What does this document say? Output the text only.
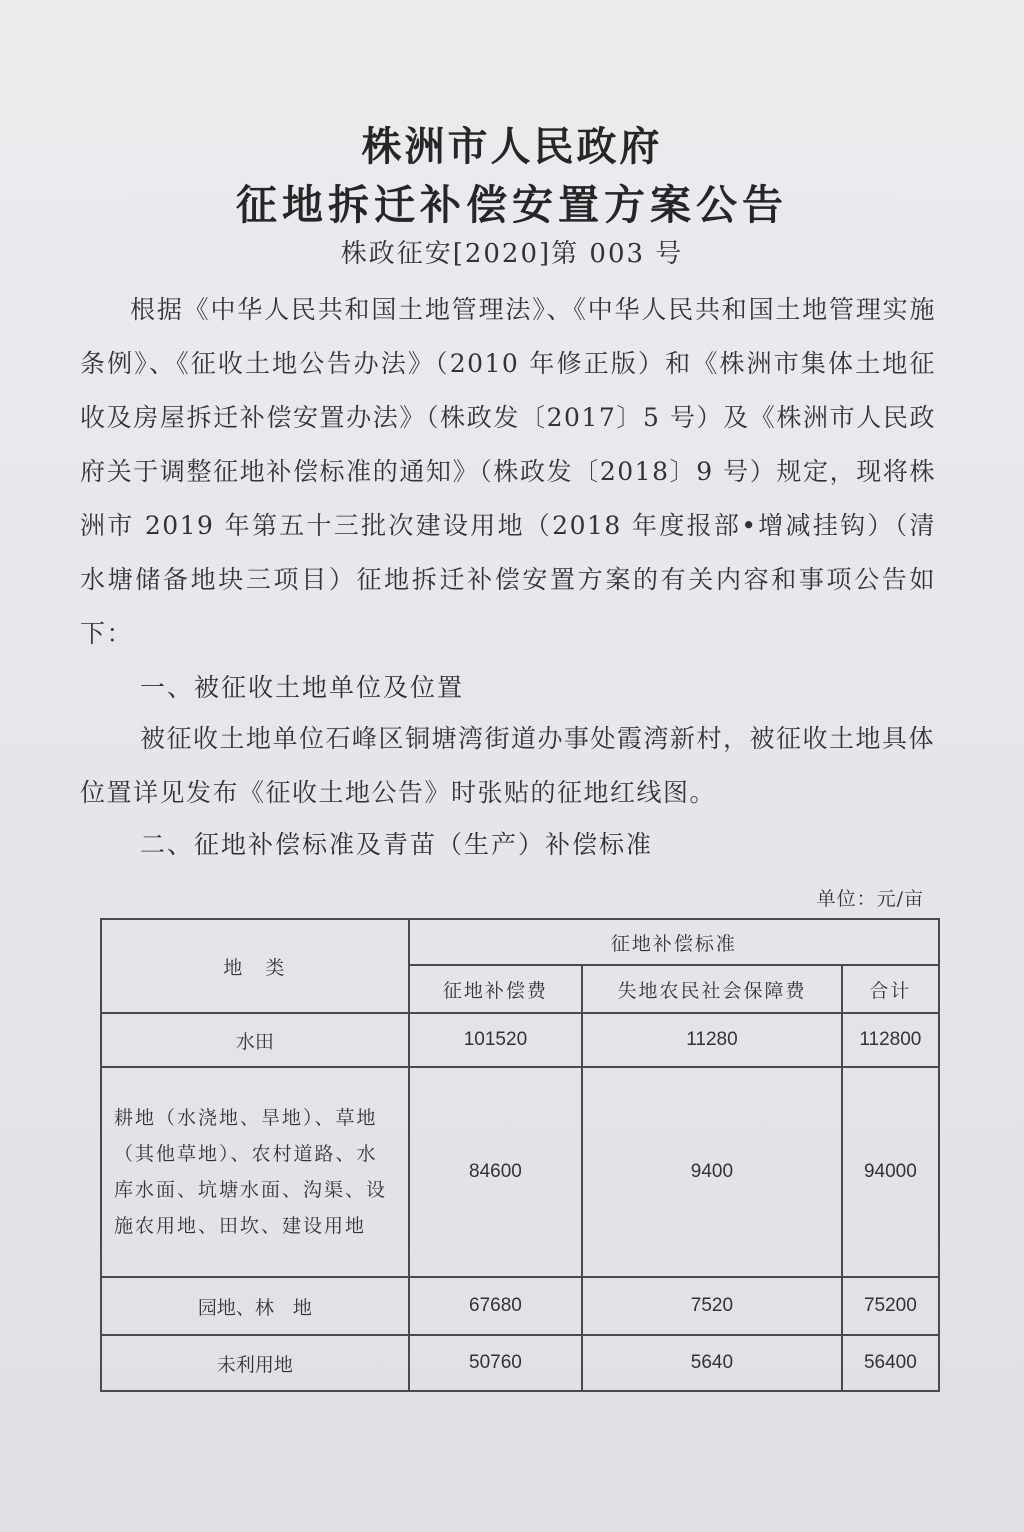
株洲市人民政府
征地拆迁补偿安置方案公告
株政征安[2020]第 003 号

根据《中华人民共和国土地管理法》、《中华人民共和国土地管理实施条例》、《征收土地公告办法》（2010 年修正版）和《株洲市集体土地征收及房屋拆迁补偿安置办法》（株政发〔2017〕5 号）及《株洲市人民政府关于调整征地补偿标准的通知》（株政发〔2018〕9 号）规定，现将株洲市 2019 年第五十三批次建设用地（2018 年度报部•增减挂钩）（清水塘储备地块三项目）征地拆迁补偿安置方案的有关内容和事项公告如下：

一、被征收土地单位及位置

被征收土地单位石峰区铜塘湾街道办事处霞湾新村，被征收土地具体位置详见发布《征收土地公告》时张贴的征地红线图。

二、征地补偿标准及青苗（生产）补偿标准
单位：元/亩
地　类	征地补偿标准		
	征地补偿费	失地农民社会保障费	合计
水田	101520	11280	112800
耕地（水浇地、旱地）、草地（其他草地）、农村道路、水库水面、坑塘水面、沟渠、设施农用地、田坎、建设用地	84600	9400	94000
园地、林　地	67680	7520	75200
未利用地	50760	5640	56400
